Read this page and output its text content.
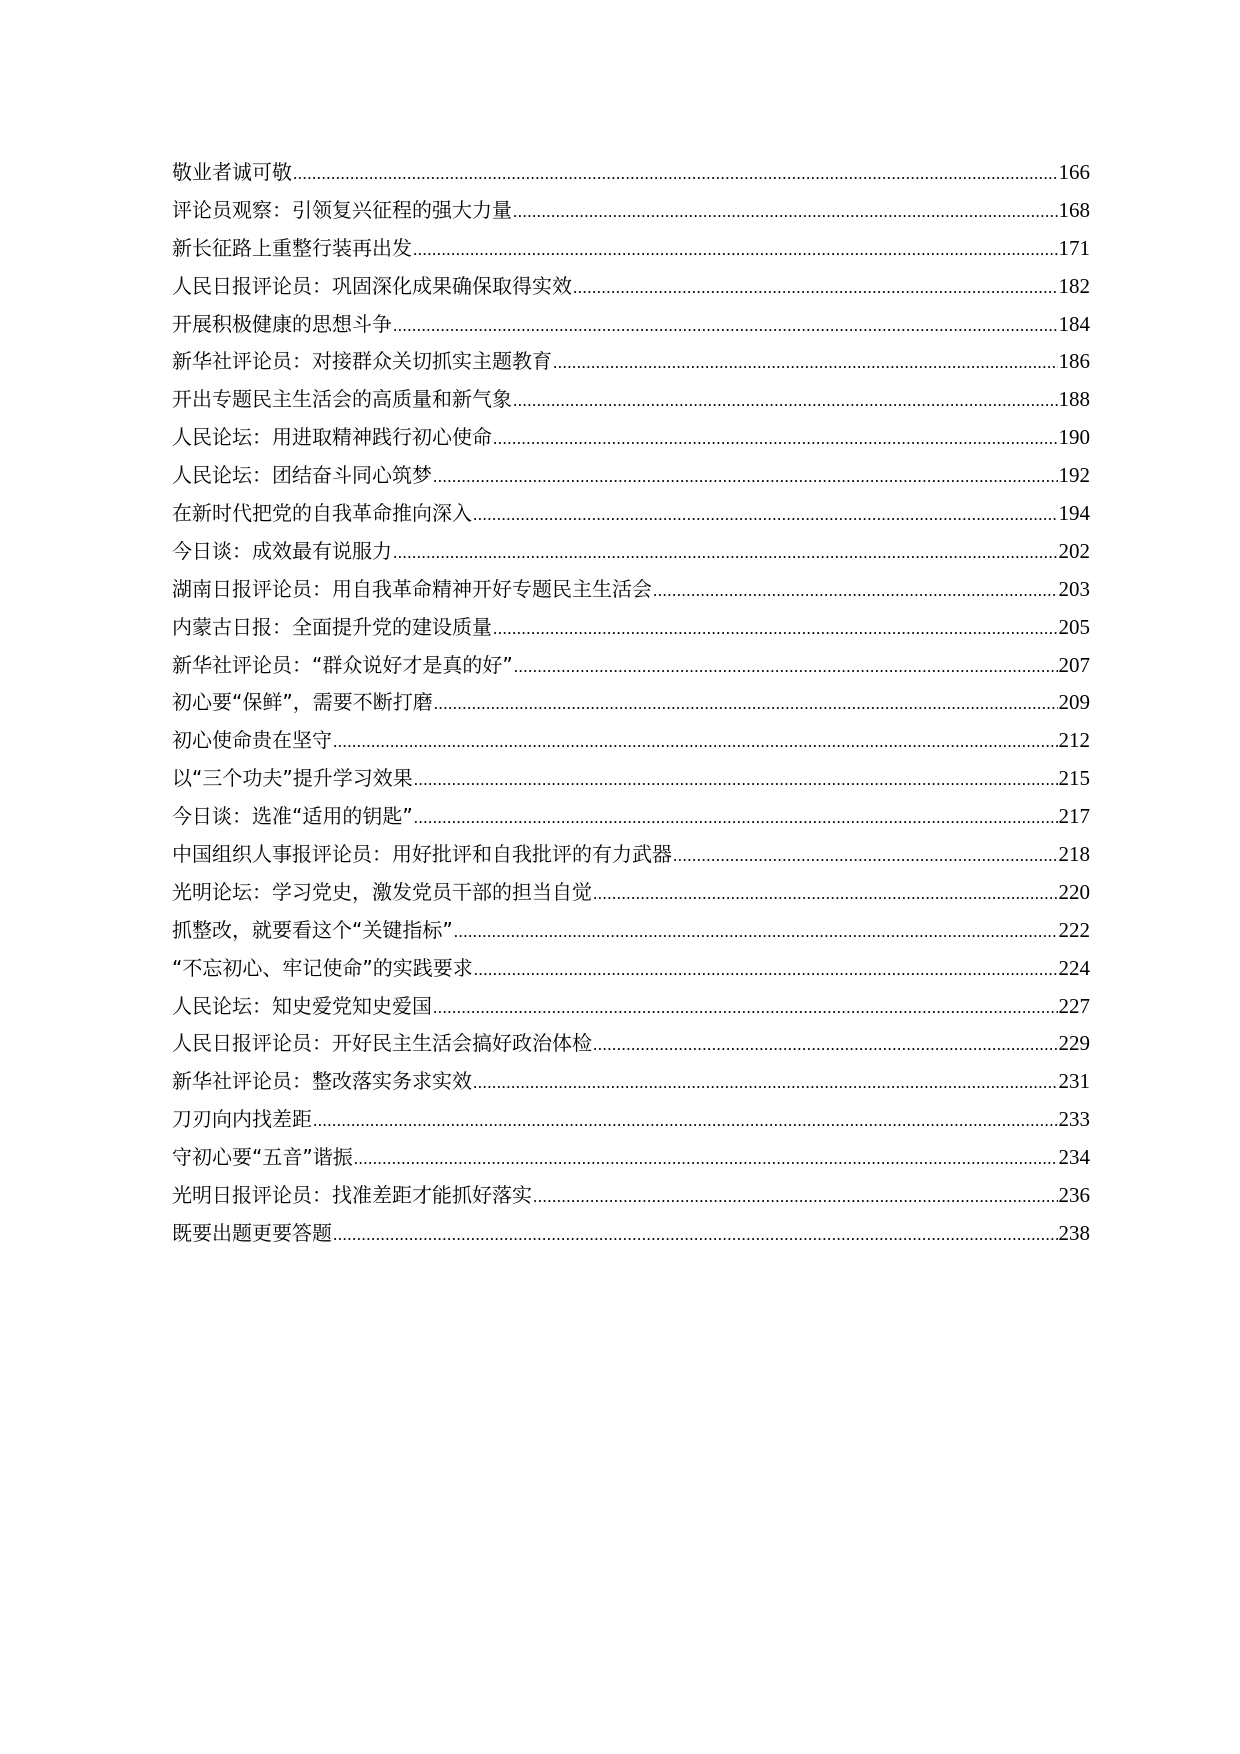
敬业者诚可敬 .....	166
评论员观察：引领复兴征程的强大力量 .....	168
新长征路上重整行装再出发 .....	171
人民日报评论员：巩固深化成果确保取得实效 .....	182
开展积极健康的思想斗争 .....	184
新华社评论员：对接群众关切抓实主题教育 .....	186
开出专题民主生活会的高质量和新气象 .....	188
人民论坛：用进取精神践行初心使命 .....	190
人民论坛：团结奋斗同心筑梦 .....	192
在新时代把党的自我革命推向深入 .....	194
今日谈：成效最有说服力 .....	202
湖南日报评论员：用自我革命精神开好专题民主生活会 .....	203
内蒙古日报：全面提升党的建设质量 .....	205
新华社评论员：“群众说好才是真的好” .....	207
初心要“保鲜”，需要不断打磨 .....	209
初心使命贵在坚守 .....	212
以“三个功夫”提升学习效果 .....	215
今日谈：选准“适用的钥匙” .....	217
中国组织人事报评论员：用好批评和自我批评的有力武器 .....	218
光明论坛：学习党史，激发党员干部的担当自觉 .....	220
抓整改，就要看这个“关键指标” .....	222
“不忘初心、牢记使命”的实践要求 .....	224
人民论坛：知史爱党知史爱国 .....	227
人民日报评论员：开好民主生活会搞好政治体检 .....	229
新华社评论员：整改落实务求实效 .....	231
刀刃向内找差距 .....	233
守初心要“五音”谐振 .....	234
光明日报评论员：找准差距才能抓好落实 .....	236
既要出题更要答题 .....	238
